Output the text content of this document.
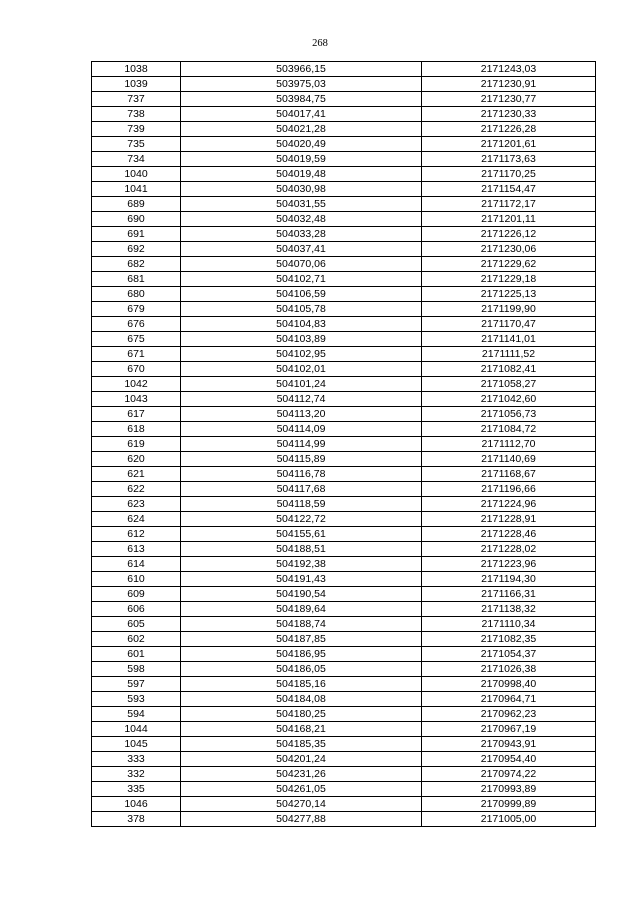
268
1038	503966,15	2171243,03
1039	503975,03	2171230,91
737	503984,75	2171230,77
738	504017,41	2171230,33
739	504021,28	2171226,28
735	504020,49	2171201,61
734	504019,59	2171173,63
1040	504019,48	2171170,25
1041	504030,98	2171154,47
689	504031,55	2171172,17
690	504032,48	2171201,11
691	504033,28	2171226,12
692	504037,41	2171230,06
682	504070,06	2171229,62
681	504102,71	2171229,18
680	504106,59	2171225,13
679	504105,78	2171199,90
676	504104,83	2171170,47
675	504103,89	2171141,01
671	504102,95	2171111,52
670	504102,01	2171082,41
1042	504101,24	2171058,27
1043	504112,74	2171042,60
617	504113,20	2171056,73
618	504114,09	2171084,72
619	504114,99	2171112,70
620	504115,89	2171140,69
621	504116,78	2171168,67
622	504117,68	2171196,66
623	504118,59	2171224,96
624	504122,72	2171228,91
612	504155,61	2171228,46
613	504188,51	2171228,02
614	504192,38	2171223,96
610	504191,43	2171194,30
609	504190,54	2171166,31
606	504189,64	2171138,32
605	504188,74	2171110,34
602	504187,85	2171082,35
601	504186,95	2171054,37
598	504186,05	2171026,38
597	504185,16	2170998,40
593	504184,08	2170964,71
594	504180,25	2170962,23
1044	504168,21	2170967,19
1045	504185,35	2170943,91
333	504201,24	2170954,40
332	504231,26	2170974,22
335	504261,05	2170993,89
1046	504270,14	2170999,89
378	504277,88	2171005,00
